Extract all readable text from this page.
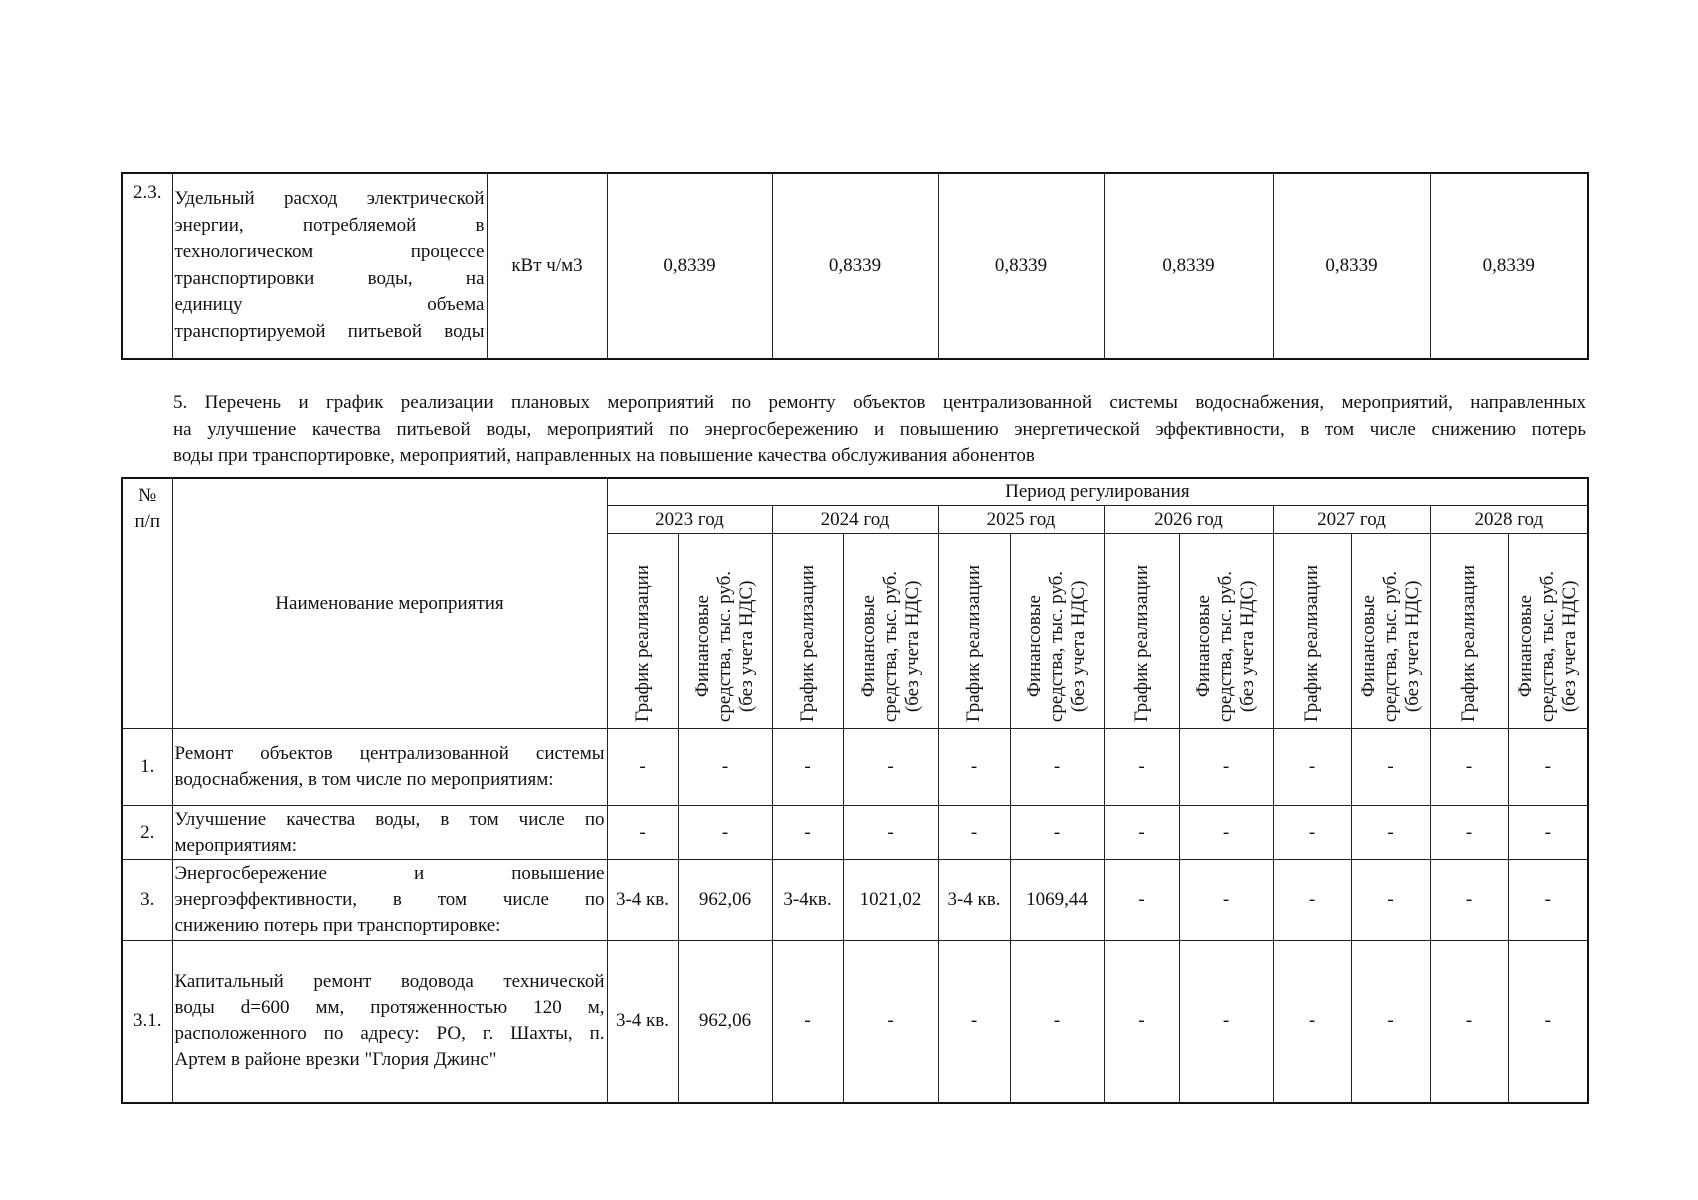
2.3.	Удельный расход электрической
энергии, потребляемой в
технологическом процессе
транспортировки воды, на
единицу объема
транспортируемой питьевой воды
	кВт ч/м3	0,8339	0,8339	0,8339	0,8339	0,8339	0,8339
5. Перечень и график реализации плановых мероприятий по ремонту объектов централизованной системы водоснабжения, мероприятий, направленных
на улучшение качества питьевой воды, мероприятий по энергосбережению и повышению энергетической эффективности, в том числе снижению потерь
воды при транспортировке, мероприятий, направленных на повышение качества обслуживания абонентов
№
п/п	Наименование мероприятия	Период регулирования											
		2023 год		2024 год		2025 год		2026 год		2027 год		2028 год	

		График реализации	Финансовые
средства, тыс. руб.
(без учета НДС)	График реализации	Финансовые
средства, тыс. руб.
(без учета НДС)	График реализации	Финансовые
средства, тыс. руб.
(без учета НДС)	График реализации	Финансовые
средства, тыс. руб.
(без учета НДС)	График реализации	Финансовые
средства, тыс. руб.
(без учета НДС)	График реализации	Финансовые
средства, тыс. руб.
(без учета НДС)

1.	Ремонт объектов централизованной системы
водоснабжения, в том числе по мероприятиям:	-	-	-	-	-	-	-	-	-	-	-	-
2.	Улучшение качества воды, в том числе по
мероприятиям:	-	-	-	-	-	-	-	-	-	-	-	-
3.	Энергосбережение и повышение
энергоэффективности, в том числе по
снижению потерь при транспортировке:	3-4 кв.	962,06	3-4кв.	1021,02	3-4 кв.	1069,44	-	-	-	-	-	-
3.1.	Капитальный ремонт водовода технической
воды d=600 мм, протяженностью 120 м,
расположенного по адресу: РО, г. Шахты, п.
Артем в районе врезки "Глория Джинс"	3-4 кв.	962,06	-	-	-	-	-	-	-	-	-	-
